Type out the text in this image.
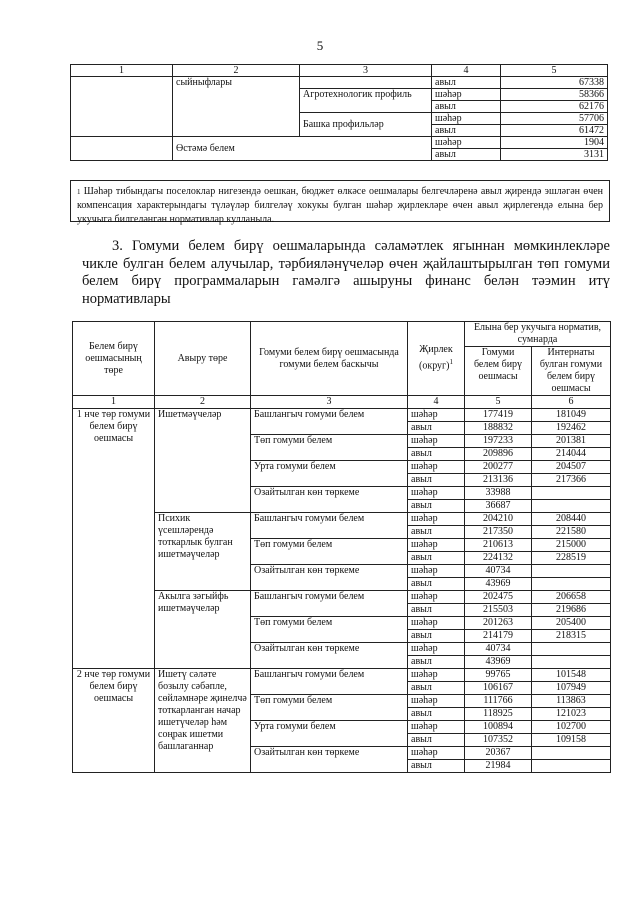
5
1	2	3	4	5
	сыйныфлары		авыл	67338
		Агротехнологик профиль	шәһәр	58366
			авыл	62176
		Башка профильләр	шәһәр	57706
			авыл	61472
	Өстәмә белем		шәһәр	1904
			авыл	3131
$^1$ Шәһәр тибындагы поселоклар нигезендә оешкан, бюджет өлкәсе оешмалары белгечләренә авыл җирендә эшләгән өчен компенсация характерындагы түләүләр билгеләү хокукы булган шәһәр җирлекләре өчен авыл җирлегендә елына бер укучыга билгеләнгән нормативлар кулланыла.
3. Гомуми белем бирү оешмаларында сәламәтлек ягыннан мөмкинлекләре чикле булган белем алучылар, тәрбияләнүчеләр өчен җайлаштырылган төп гомуми белем бирү программаларын гамәлгә ашыруны финанс белән тәэмин итү нормативлары
Белем бирү оешмасының төре	Авыру төре	Гомуми белем бирү оешмасында гомуми белем баскычы	Җирлек (округ)$^1$	Елына бер укучыга норматив, сумнарда	
				Гомуми белем бирү оешмасы	Интернаты булган гомуми белем бирү оешмасы
1	2	3	4	5	6
1 нче төр гомуми белем бирү оешмасы	Ишетмәүчеләр	Башлангыч гомуми белем	шәһәр	177419	181049
			авыл	188832	192462
		Төп гомуми белем	шәһәр	197233	201381
			авыл	209896	214044
		Урта гомуми белем	шәһәр	200277	204507
			авыл	213136	217366
		Озайтылган көн төркеме	шәһәр	33988	
			авыл	36687	
	Психик үсешләрендә тоткарлык булган ишетмәүчеләр	Башлангыч гомуми белем	шәһәр	204210	208440
			авыл	217350	221580
		Төп гомуми белем	шәһәр	210613	215000
			авыл	224132	228519
		Озайтылган көн төркеме	шәһәр	40734	
			авыл	43969	
	Акылга зәгыйфь ишетмәүчеләр	Башлангыч гомуми белем	шәһәр	202475	206658
			авыл	215503	219686
		Төп гомуми белем	шәһәр	201263	205400
			авыл	214179	218315
		Озайтылган көн төркеме	шәһәр	40734	
			авыл	43969	
2 нче төр гомуми белем бирү оешмасы	Ишетү сәләте бозылу сәбәпле, сөйләмнәре җинелчә тоткарланган начар ишетүчеләр һәм соңрак ишетми башлаганнар	Башлангыч гомуми белем	шәһәр	99765	101548
			авыл	106167	107949
		Төп гомуми белем	шәһәр	111766	113863
			авыл	118925	121023
		Урта гомуми белем	шәһәр	100894	102700
			авыл	107352	109158
		Озайтылган көн төркеме	шәһәр	20367	
			авыл	21984	
